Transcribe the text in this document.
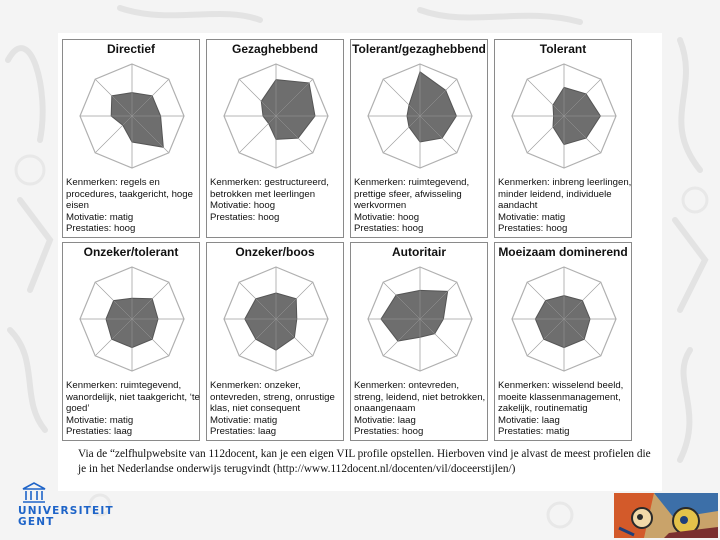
Directief
Kenmerken: regels en procedures, taakgericht, hoge eisen
Motivatie: matig
Prestaties: hoog
Gezaghebbend
Kenmerken: gestructureerd, betrokken met leerlingen
Motivatie: hoog
Prestaties: hoog
Tolerant/gezaghebbend
Kenmerken: ruimtegevend, prettige sfeer, afwisseling werkvormen
Motivatie: hoog
Prestaties: hoog
Tolerant
Kenmerken: inbreng leerlingen, minder leidend, individuele aandacht
Motivatie: matig
Prestaties: hoog
Onzeker/tolerant
Kenmerken: ruimtegevend, wanordelijk, niet taakgericht, ‘te goed’
Motivatie: matig
Prestaties: laag
Onzeker/boos
Kenmerken: onzeker, ontevreden, streng, onrustige klas, niet consequent
Motivatie: matig
Prestaties: laag
Autoritair
Kenmerken: ontevreden, streng, leidend, niet betrokken, onaangenaam
Motivatie: laag
Prestaties: hoog
Moeizaam dominerend
Kenmerken: wisselend beeld, moeite klassenmanagement, zakelijk, routinematig
Motivatie: laag
Prestaties: matig
Via de “zelfhulpwebsite van 112docent, kan je een eigen VIL profile opstellen. Hierboven vind je alvast de meest profielen die je in het Nederlandse onderwijs terugvindt (http://www.112docent.nl/docenten/vil/doceerstijlen/)
UNIVERSITEIT
GENT
